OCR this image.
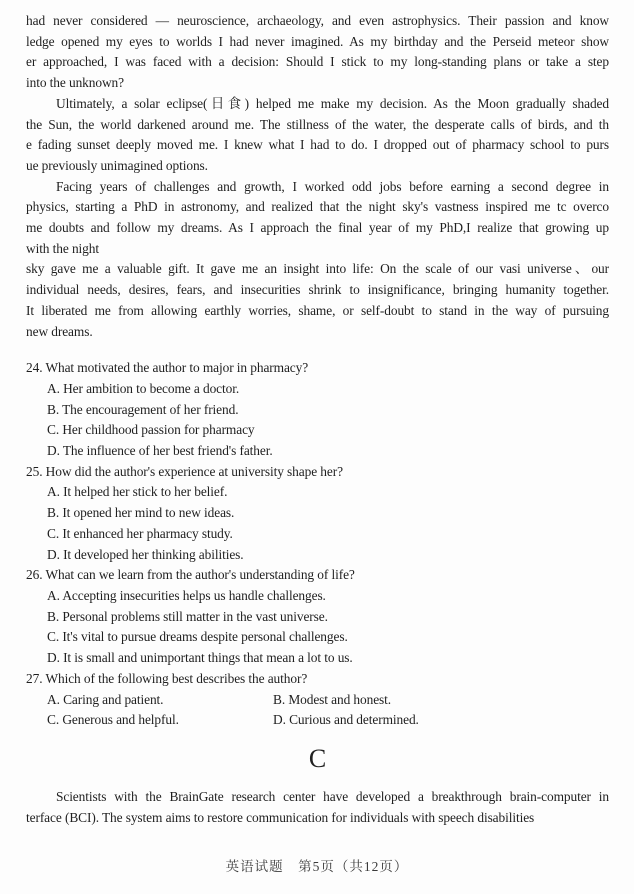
had never considered — neuroscience, archaeology, and even astrophysics. Their passion and know
ledge opened my eyes to worlds I had never imagined. As my birthday and the Perseid meteor show
er approached, I was faced with a decision: Should I stick to my long-standing plans or take a step
into the unknown?
Ultimately, a solar eclipse(日食) helped me make my decision. As the Moon gradually shaded
the Sun, the world darkened around me. The stillness of the water, the desperate calls of birds, and th
e fading sunset deeply moved me. I knew what I had to do. I dropped out of pharmacy school to purs
ue previously unimagined options.
Facing years of challenges and growth, I worked odd jobs before earning a second degree in
physics, starting a PhD in astronomy, and realized that the night sky's vastness inspired me tc overco
me doubts and follow my dreams. As I approach the final year of my PhD,I realize that growing up
with the night
sky gave me a valuable gift. It gave me an insight into life: On the scale of our vasi universe、our
individual needs, desires, fears, and insecurities shrink to insignificance, bringing humanity together.
It liberated me from allowing earthly worries, shame, or self-doubt to stand in the way of pursuing
new dreams.
24. What motivated the author to major in pharmacy?
A. Her ambition to become a doctor.
B. The encouragement of her friend.
C. Her childhood passion for pharmacy
D. The influence of her best friend's father.
25. How did the author's experience at university shape her?
A. It helped her stick to her belief.
B. It opened her mind to new ideas.
C. It enhanced her pharmacy study.
D. It developed her thinking abilities.
26. What can we learn from the author's understanding of life?
A. Accepting insecurities helps us handle challenges.
B. Personal problems still matter in the vast universe.
C. It's vital to pursue dreams despite personal challenges.
D. It is small and unimportant things that mean a lot to us.
27. Which of the following best describes the author?
A. Caring and patient.	B. Modest and honest.
C. Generous and helpful.	D. Curious and determined.
C
Scientists with the BrainGate research center have developed a breakthrough brain-computer in
terface (BCI). The system aims to restore communication for individuals with speech disabilities
英语试题　第5页（共12页）
